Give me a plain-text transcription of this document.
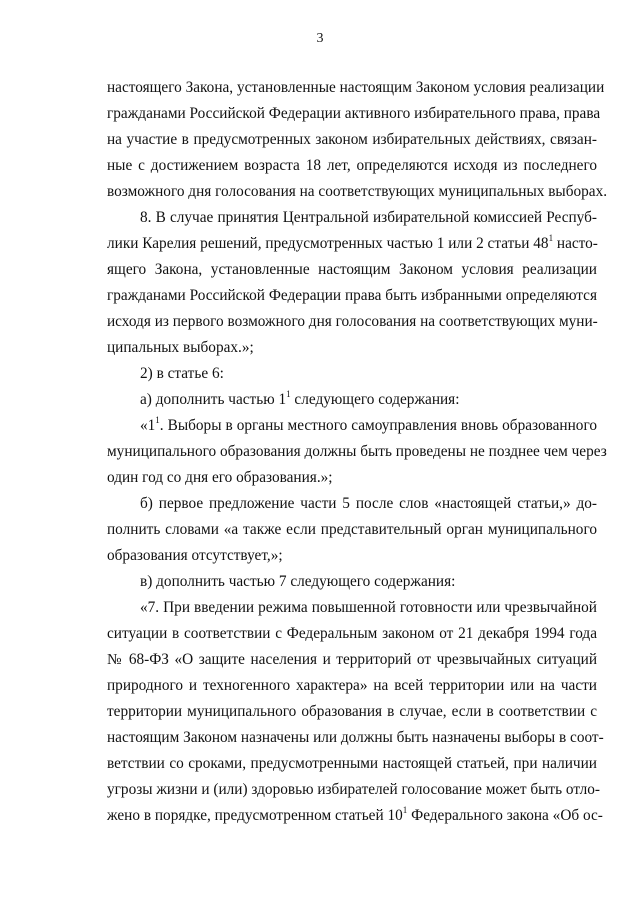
3
настоящего Закона, установленные настоящим Законом условия реализации
гражданами Российской Федерации активного избирательного права, права
на участие в предусмотренных законом избирательных действиях, связан-
ные с достижением возраста 18 лет, определяются исходя из последнего
возможного дня голосования на соответствующих муниципальных выборах.
8. В случае принятия Центральной избирательной комиссией Респуб-
лики Карелия решений, предусмотренных частью 1 или 2 статьи $48^1$ насто-
ящего Закона, установленные настоящим Законом условия реализации
гражданами Российской Федерации права быть избранными определяются
исходя из первого возможного дня голосования на соответствующих муни-
ципальных выборах.»;
2) в статье 6:
а) дополнить частью $1^1$ следующего содержания:
«$1^1$. Выборы в органы местного самоуправления вновь образованного
муниципального образования должны быть проведены не позднее чем через
один год со дня его образования.»;
б) первое предложение части 5 после слов «настоящей статьи,» до-
полнить словами «а также если представительный орган муниципального
образования отсутствует,»;
в) дополнить частью 7 следующего содержания:
«7. При введении режима повышенной готовности или чрезвычайной
ситуации в соответствии с Федеральным законом от 21 декабря 1994 года
№ 68-ФЗ «О защите населения и территорий от чрезвычайных ситуаций
природного и техногенного характера» на всей территории или на части
территории муниципального образования в случае, если в соответствии с
настоящим Законом назначены или должны быть назначены выборы в соот-
ветствии со сроками, предусмотренными настоящей статьей, при наличии
угрозы жизни и (или) здоровью избирателей голосование может быть отло-
жено в порядке, предусмотренном статьей $10^1$ Федерального закона «Об ос-
